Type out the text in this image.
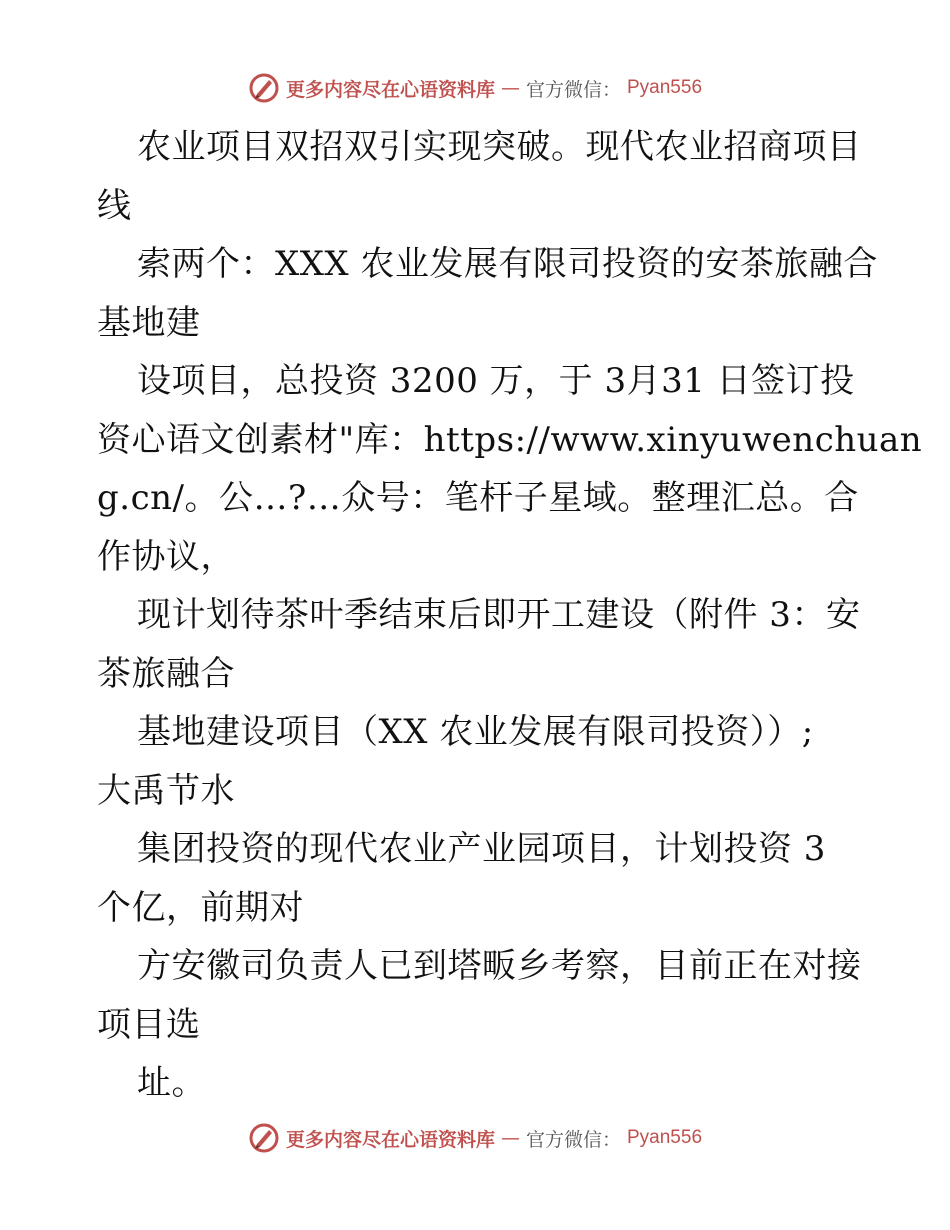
更多内容尽在心语资料库 — 官方微信： Pyan556
农业项目双招双引实现突破。现代农业招商项目
线
索两个：XXX 农业发展有限司投资的安茶旅融合
基地建
设项目，总投资 3200 万，于 3月31 日签订投
资心语文创素材"库：https://www.xinyuwenchuan
g.cn/。公…?…众号：笔杆子星域。整理汇总。合
作协议，
现计划待茶叶季结束后即开工建设（附件 3：安
茶旅融合
基地建设项目（XX 农业发展有限司投资））;
大禹节水
集团投资的现代农业产业园项目，计划投资 3
个亿，前期对
方安徽司负责人已到塔畈乡考察，目前正在对接
项目选
址。
更多内容尽在心语资料库 — 官方微信： Pyan556
